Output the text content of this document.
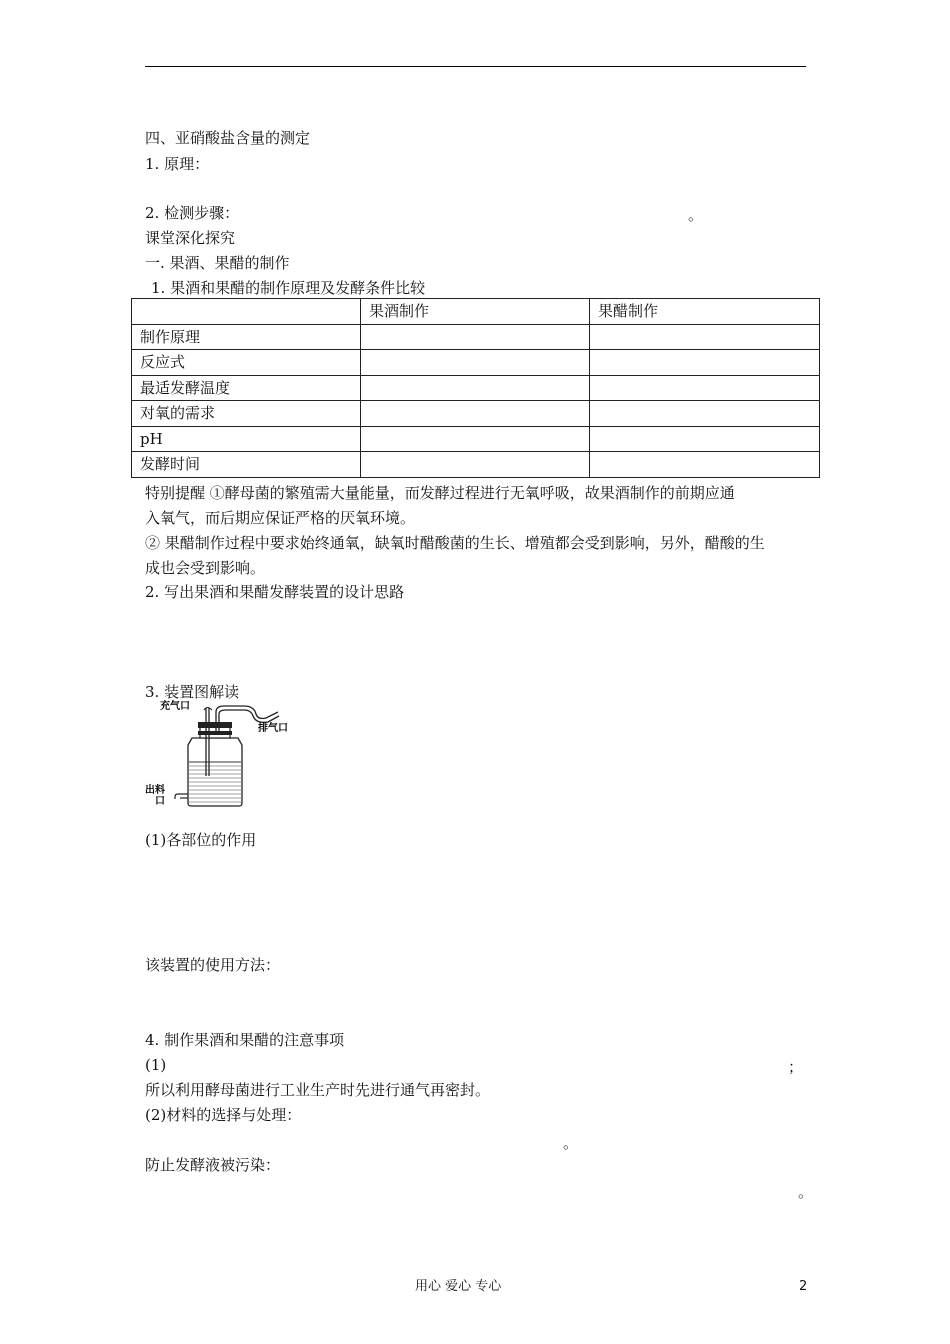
四、亚硝酸盐含量的测定
1. 原理：
2. 检测步骤：	。
课堂深化探究
一. 果酒、果醋的制作
1. 果酒和果醋的制作原理及发酵条件比较
	果酒制作	果醋制作
制作原理		
反应式		
最适发酵温度		
对氧的需求		
pH		
发酵时间		
特别提醒 ①酵母菌的繁殖需大量能量，而发酵过程进行无氧呼吸，故果酒制作的前期应通
入氧气，而后期应保证严格的厌氧环境。
② 果醋制作过程中要求始终通氧，缺氧时醋酸菌的生长、增殖都会受到影响，另外，醋酸的生
成也会受到影响。
2. 写出果酒和果醋发酵装置的设计思路
3. 装置图解读
充气口
排气口
出料
口
(1)各部位的作用
该装置的使用方法：
4. 制作果酒和果醋的注意事项
(1)	；
所以利用酵母菌进行工业生产时先进行通气再密封。
(2)材料的选择与处理：
。
防止发酵液被污染：
。
用心 爱心 专心	2
